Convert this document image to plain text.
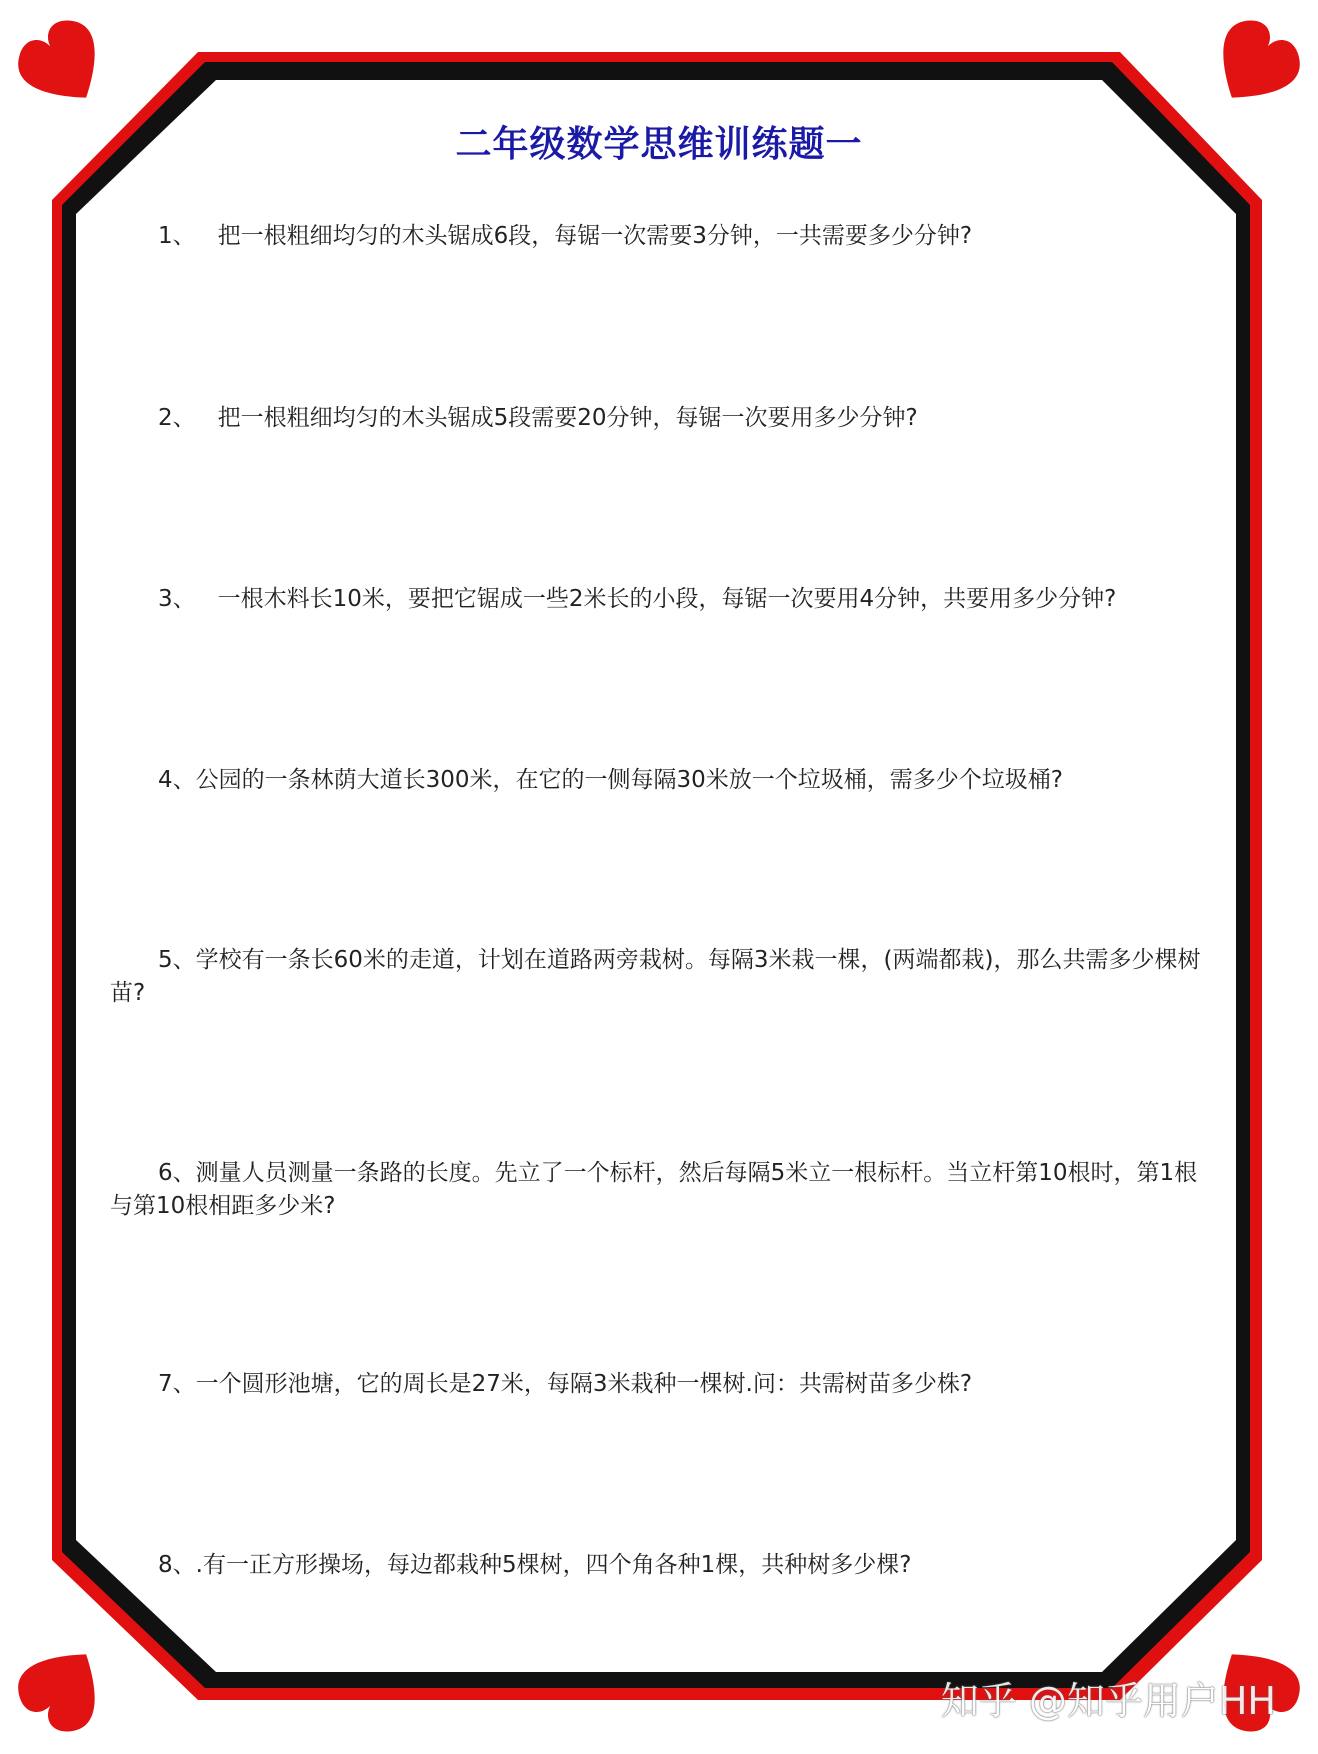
二年级数学思维训练题一

1、 把一根粗细均匀的木头锯成6段，每锯一次需要3分钟，一共需要多少分钟?

2、 把一根粗细均匀的木头锯成5段需要20分钟，每锯一次要用多少分钟?

3、 一根木料长10米，要把它锯成一些2米长的小段，每锯一次要用4分钟，共要用多少分钟?

4、公园的一条林荫大道长300米，在它的一侧每隔30米放一个垃圾桶，需多少个垃圾桶?

5、学校有一条长60米的走道，计划在道路两旁栽树。每隔3米栽一棵，(两端都栽)，那么共需多少棵树苗?

6、测量人员测量一条路的长度。先立了一个标杆，然后每隔5米立一根标杆。当立杆第10根时，第1根与第10根相距多少米?

7、一个圆形池塘，它的周长是27米，每隔3米栽种一棵树.问：共需树苗多少株?

8、.有一正方形操场，每边都栽种5棵树，四个角各种1棵，共种树多少棵?

知乎 @知乎用户HH
